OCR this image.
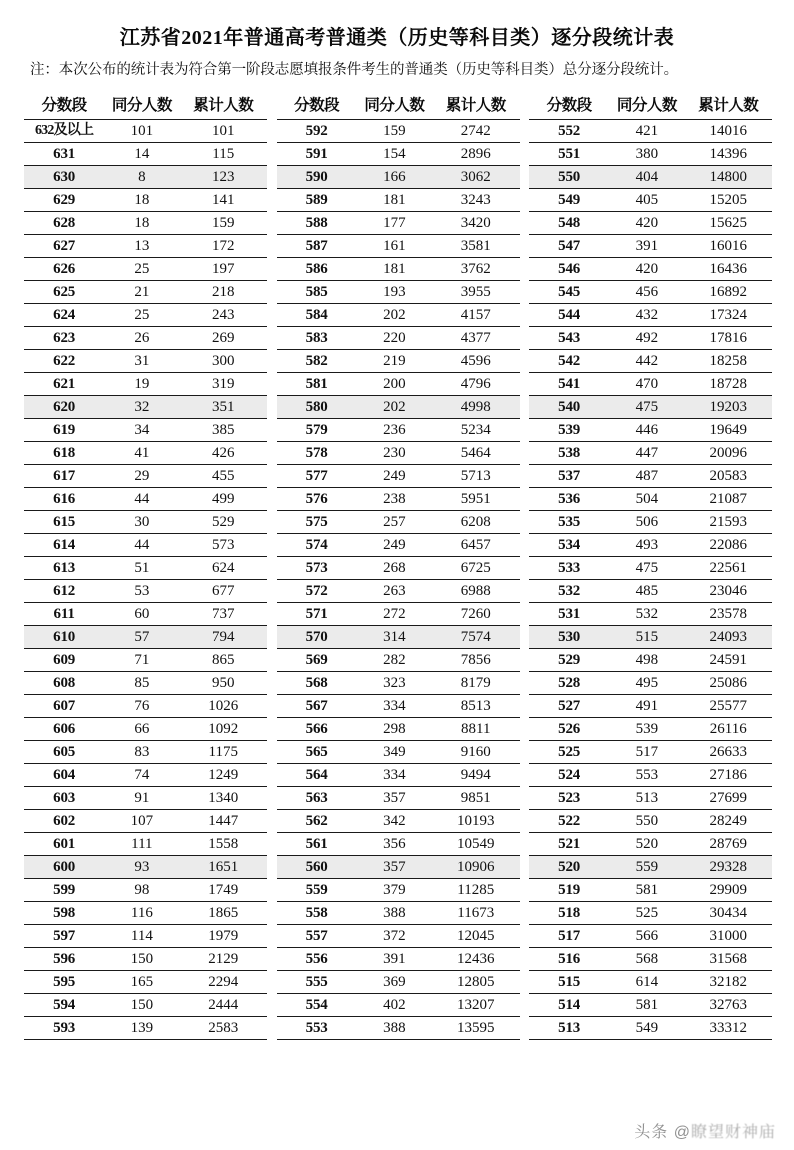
江苏省2021年普通高考普通类（历史等科目类）逐分段统计表
注：本次公布的统计表为符合第一阶段志愿填报条件考生的普通类（历史等科目类）总分逐分段统计。
分数段	同分人数	累计人数
632及以上	101	101
631	14	115
630	8	123
629	18	141
628	18	159
627	13	172
626	25	197
625	21	218
624	25	243
623	26	269
622	31	300
621	19	319
620	32	351
619	34	385
618	41	426
617	29	455
616	44	499
615	30	529
614	44	573
613	51	624
612	53	677
611	60	737
610	57	794
609	71	865
608	85	950
607	76	1026
606	66	1092
605	83	1175
604	74	1249
603	91	1340
602	107	1447
601	111	1558
600	93	1651
599	98	1749
598	116	1865
597	114	1979
596	150	2129
595	165	2294
594	150	2444
593	139	2583
分数段	同分人数	累计人数
592	159	2742
591	154	2896
590	166	3062
589	181	3243
588	177	3420
587	161	3581
586	181	3762
585	193	3955
584	202	4157
583	220	4377
582	219	4596
581	200	4796
580	202	4998
579	236	5234
578	230	5464
577	249	5713
576	238	5951
575	257	6208
574	249	6457
573	268	6725
572	263	6988
571	272	7260
570	314	7574
569	282	7856
568	323	8179
567	334	8513
566	298	8811
565	349	9160
564	334	9494
563	357	9851
562	342	10193
561	356	10549
560	357	10906
559	379	11285
558	388	11673
557	372	12045
556	391	12436
555	369	12805
554	402	13207
553	388	13595
分数段	同分人数	累计人数
552	421	14016
551	380	14396
550	404	14800
549	405	15205
548	420	15625
547	391	16016
546	420	16436
545	456	16892
544	432	17324
543	492	17816
542	442	18258
541	470	18728
540	475	19203
539	446	19649
538	447	20096
537	487	20583
536	504	21087
535	506	21593
534	493	22086
533	475	22561
532	485	23046
531	532	23578
530	515	24093
529	498	24591
528	495	25086
527	491	25577
526	539	26116
525	517	26633
524	553	27186
523	513	27699
522	550	28249
521	520	28769
520	559	29328
519	581	29909
518	525	30434
517	566	31000
516	568	31568
515	614	32182
514	581	32763
513	549	33312
头条 @瞭望财神庙
